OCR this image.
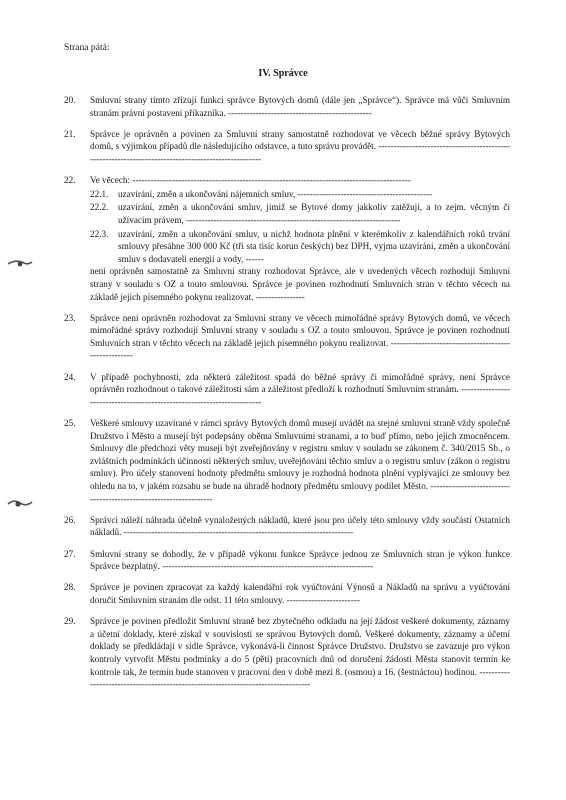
Strana pátá:
IV. Správce
20.	Smluvní strany tímto zřizují funkci správce Bytových domů (dále jen „Správce“). Správce má vůči Smluvním stranám právní postavení příkazníka. -----------------------------------------------
21.	Správce je oprávněn a povinen za Smluvní strany samostatně rozhodovat ve věcech běžné správy Bytových domů, s výjimkou případů dle následujícího odstavce, a tuto správu provádět. ---------------------------------------------------------------------------------------------------
22.	Ve věcech: -------------------------------------------------------------------------------------------
22.1.	uzavírání, změn a ukončování nájemních smluv, --------------------------------------------
22.2.	uzavírání, změn a ukončování smluv, jimiž se Bytové domy jakkoliv zatěžují, a to zejm. věcným či užívacím právem, ----------------------------------------------------------------------
22.3.	uzavírání, změn a ukončování smluv, u nichž hodnota plnění v kterémkoliv z kalendářních roků trvání smlouvy přesáhne 300 000 Kč (tři sta tisíc korun českých) bez DPH, vyjma uzavírání, změn a ukončování smluv s dodavateli energií a vody, ------
není oprávněn samostatně za Smluvní strany rozhodovat Správce, ale v uvedených věcech rozhodují Smluvní strany v souladu s OZ a touto smlouvou. Správce je povinen rozhodnutí Smluvních stran v těchto věcech na základě jejich písemného pokynu realizovat. ----------------
23.	Správce není oprávněn rozhodovat za Smluvní strany ve věcech mimořádné správy Bytových domů, ve věcech mimořádné správy rozhodují Smluvní strany v souladu s OZ a touto smlouvou. Správce je povinen rozhodnutí Smluvních stran v těchto věcech na základě jejich písemného pokynu realizovat. -----------------------------------------------------
24.	V případě pochybnosti, zda některá záležitost spadá do běžné správy či mimořádné správy, není Správce oprávněn rozhodnout o takové záležitosti sám a záležitost předloží k rozhodnutí Smluvním stranám. ------------------------------------------------------------------------
25.	Veškeré smlouvy uzavírané v rámci správy Bytových domů musejí uvádět na stejné smluvní straně vždy společně Družstvo i Město a musejí být podepsány oběma Smluvními stranami, a to buď přímo, nebo jejich zmocněncem. Smlouvy dle předchozí věty musejí být zveřejňovány v registru smluv v souladu se zákonem č. 340/2015 Sb., o zvláštních podmínkách účinnosti některých smluv, uveřejňování těchto smluv a o registru smluv (zákon o registru smluv). Pro účely stanovení hodnoty předmětu smlouvy je rozhodná hodnota plnění vyplývající ze smlouvy bez ohledu na to, v jakém rozsahu se bude na úhradě hodnoty předmětu smlouvy podílet Město. ------------------------------------------------------------------
26.	Správci náleží náhrada účelně vynaložených nákladů, které jsou pro účely této smlouvy vždy součástí Ostatních nákladů. ---------------------------------------------------------------------------
27.	Smluvní strany se dohodly, že v případě výkonu funkce Správce jednou ze Smluvních stran je výkon funkce Správce bezplatný. ---------------------------------------------------------------------
28.	Správce je povinen zpracovat za každý kalendářní rok vyúčtování Výnosů a Nákladů na správu a vyúčtování doručit Smluvním stranám dle odst. 11 této smlouvy. ------------------------
29.	Správce je povinen předložit Smluvní straně bez zbytečného odkladu na její žádost veškeré dokumenty, záznamy a účetní doklady, které získal v souvislosti se správou Bytových domů. Veškeré dokumenty, záznamy a účetní doklady se předkládají v sídle Správce, vykonává-li činnost Správce Družstvo. Družstvo se zavazuje pro výkon kontroly vytvořit Městu podmínky a do 5 (pěti) pracovních dnů od doručení žádosti Města stanovit termín ke kontrole tak, že termín bude stanoven v pracovní den v době mezi 8. (osmou) a 16. (šestnáctou) hodinou. ----------------------------------------------------------------------------------
